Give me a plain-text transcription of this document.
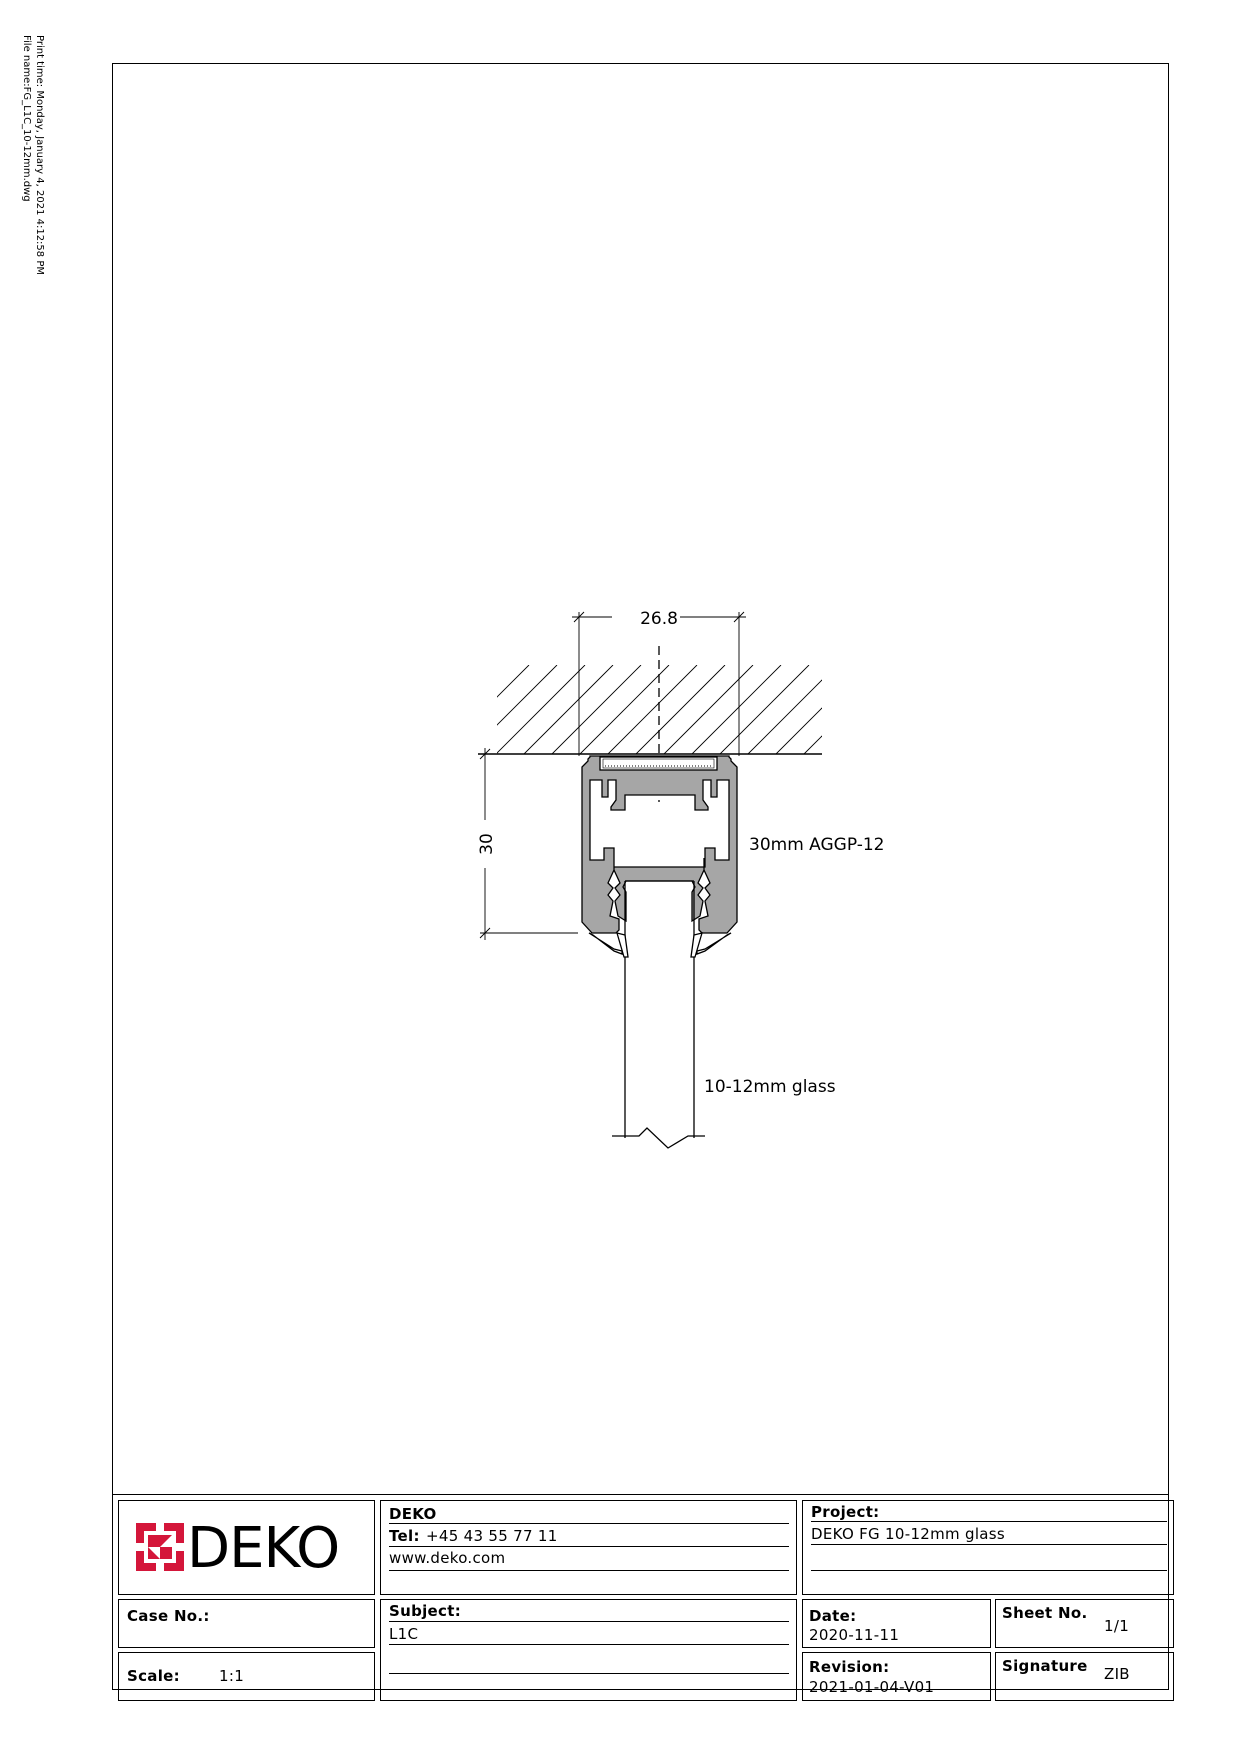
Print time: Monday, January 4, 2021 4:12:58 PM
File name:FG_L1C_10-12mm.dwg
26.8
30	30mm AGGP-12
10-12mm glass
DEKO
DEKO
Tel: +45 43 55 77 11
www.deko.com
Project:
DEKO FG 10-12mm glass
Case No.:
Scale:	1:1
Subject:
L1C
Date:
2020-11-11
Sheet No.
1/1
Revision:
2021-01-04-V01
Signature ZIB
